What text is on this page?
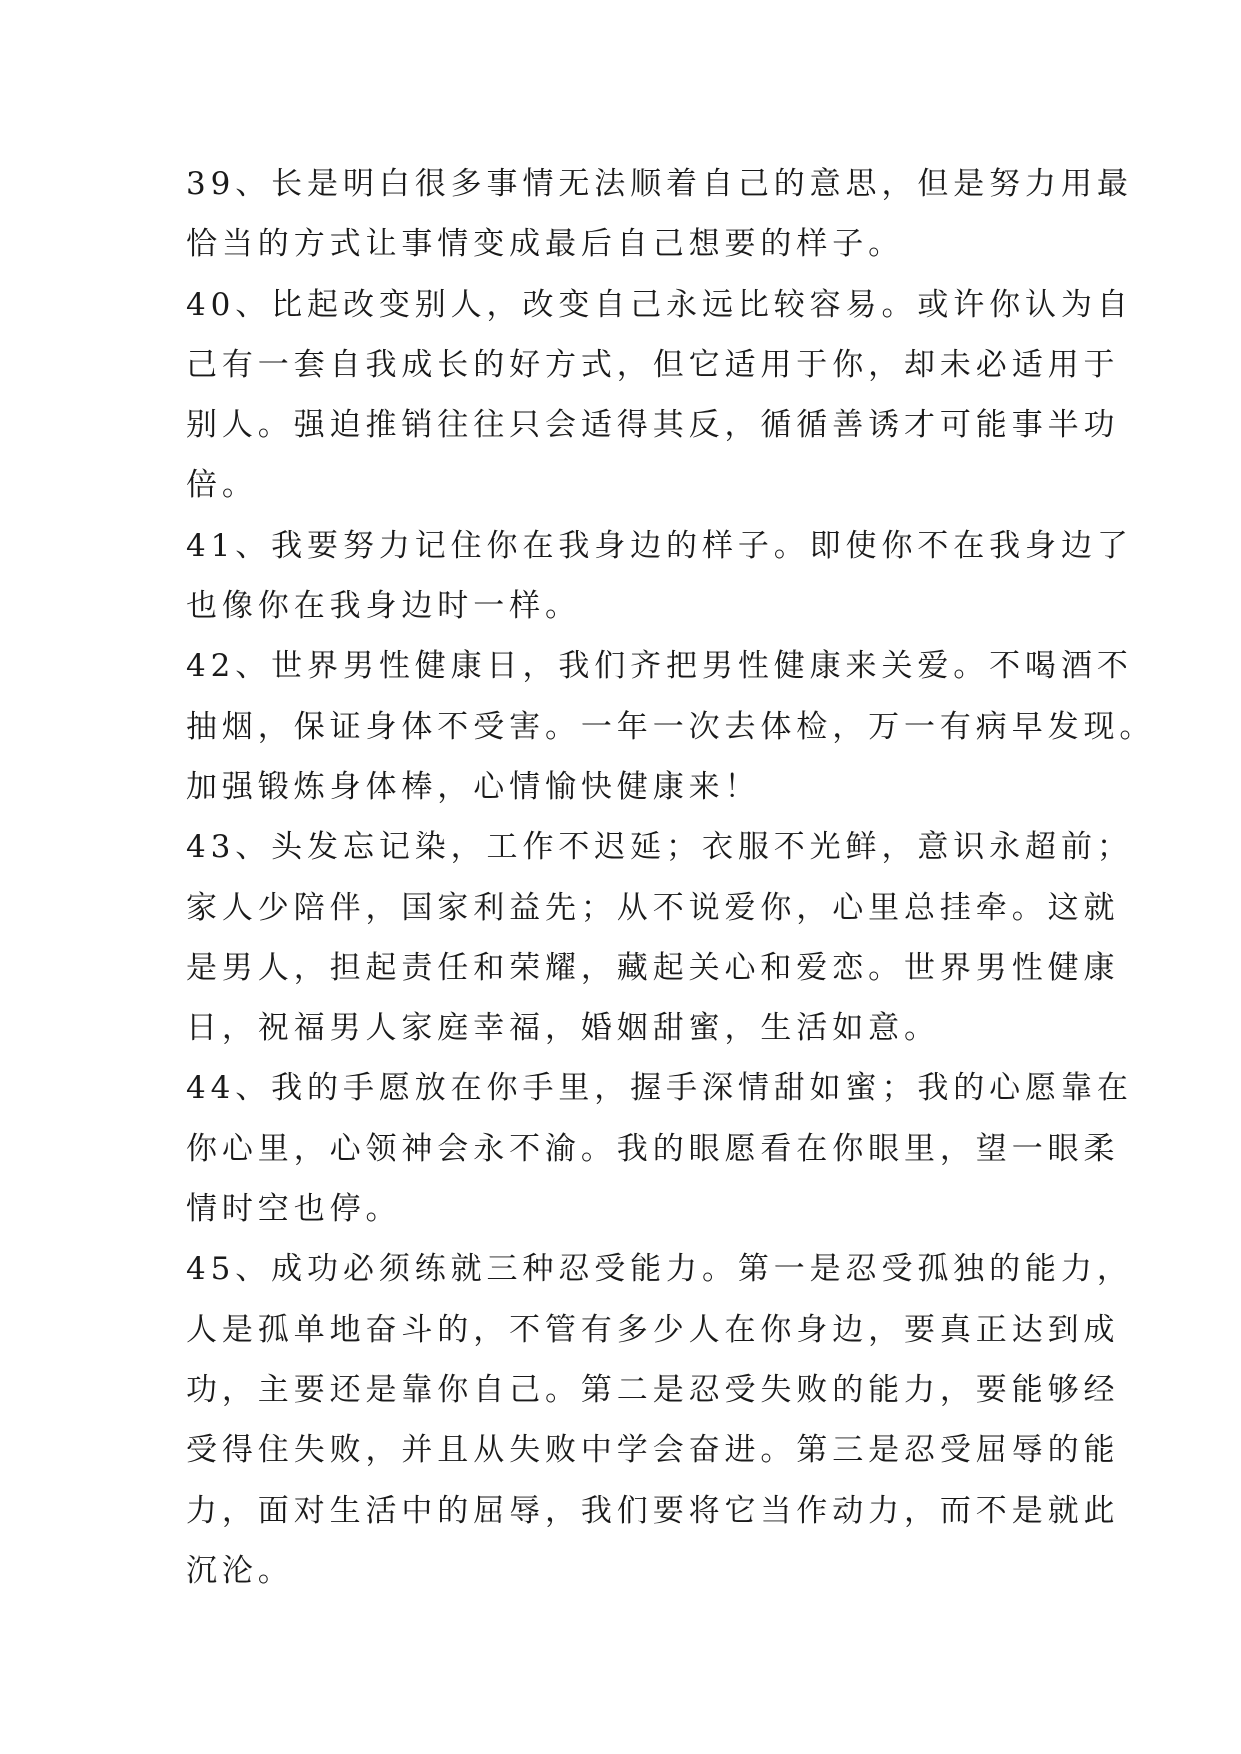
39、长是明白很多事情无法顺着自己的意思，但是努力用最
恰当的方式让事情变成最后自己想要的样子。

40、比起改变别人，改变自己永远比较容易。或许你认为自
己有一套自我成长的好方式，但它适用于你，却未必适用于
别人。强迫推销往往只会适得其反，循循善诱才可能事半功
倍。

41、我要努力记住你在我身边的样子。即使你不在我身边了
也像你在我身边时一样。

42、世界男性健康日，我们齐把男性健康来关爱。不喝酒不
抽烟，保证身体不受害。一年一次去体检，万一有病早发现。
加强锻炼身体棒，心情愉快健康来！

43、头发忘记染，工作不迟延；衣服不光鲜，意识永超前；
家人少陪伴，国家利益先；从不说爱你，心里总挂牵。这就
是男人，担起责任和荣耀，藏起关心和爱恋。世界男性健康
日，祝福男人家庭幸福，婚姻甜蜜，生活如意。

44、我的手愿放在你手里，握手深情甜如蜜；我的心愿靠在
你心里，心领神会永不渝。我的眼愿看在你眼里，望一眼柔
情时空也停。

45、成功必须练就三种忍受能力。第一是忍受孤独的能力，
人是孤单地奋斗的，不管有多少人在你身边，要真正达到成
功，主要还是靠你自己。第二是忍受失败的能力，要能够经
受得住失败，并且从失败中学会奋进。第三是忍受屈辱的能
力，面对生活中的屈辱，我们要将它当作动力，而不是就此
沉沦。
